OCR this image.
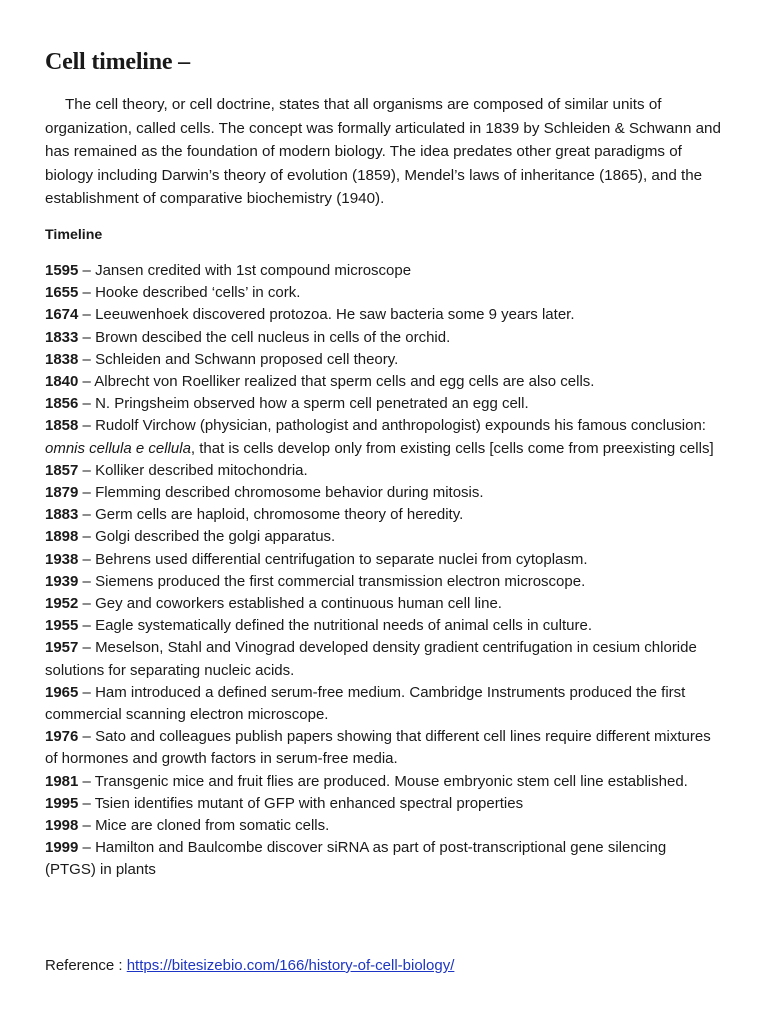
Cell timeline –

The cell theory, or cell doctrine, states that all organisms are composed of similar units of organization, called cells. The concept was formally articulated in 1839 by Schleiden & Schwann and has remained as the foundation of modern biology. The idea predates other great paradigms of biology including Darwin’s theory of evolution (1859), Mendel’s laws of inheritance (1865), and the establishment of comparative biochemistry (1940).

Timeline
1595 – Jansen credited with 1st compound microscope
1655 – Hooke described ‘cells’ in cork.
1674 – Leeuwenhoek discovered protozoa. He saw bacteria some 9 years later.
1833 – Brown descibed the cell nucleus in cells of the orchid.
1838 – Schleiden and Schwann proposed cell theory.
1840 – Albrecht von Roelliker realized that sperm cells and egg cells are also cells.
1856 – N. Pringsheim observed how a sperm cell penetrated an egg cell.
1858 – Rudolf Virchow (physician, pathologist and anthropologist) expounds his famous conclusion: omnis cellula e cellula, that is cells develop only from existing cells [cells come from preexisting cells]
1857 – Kolliker described mitochondria.
1879 – Flemming described chromosome behavior during mitosis.
1883 – Germ cells are haploid, chromosome theory of heredity.
1898 – Golgi described the golgi apparatus.
1938 – Behrens used differential centrifugation to separate nuclei from cytoplasm.
1939 – Siemens produced the first commercial transmission electron microscope.
1952 – Gey and coworkers established a continuous human cell line.
1955 – Eagle systematically defined the nutritional needs of animal cells in culture.
1957 – Meselson, Stahl and Vinograd developed density gradient centrifugation in cesium chloride solutions for separating nucleic acids.
1965 – Ham introduced a defined serum-free medium. Cambridge Instruments produced the first commercial scanning electron microscope.
1976 – Sato and colleagues publish papers showing that different cell lines require different mixtures of hormones and growth factors in serum-free media.
1981 – Transgenic mice and fruit flies are produced. Mouse embryonic stem cell line established.
1995 – Tsien identifies mutant of GFP with enhanced spectral properties
1998 – Mice are cloned from somatic cells.
1999 – Hamilton and Baulcombe discover siRNA as part of post-transcriptional gene silencing (PTGS) in plants
Reference : https://bitesizebio.com/166/history-of-cell-biology/
